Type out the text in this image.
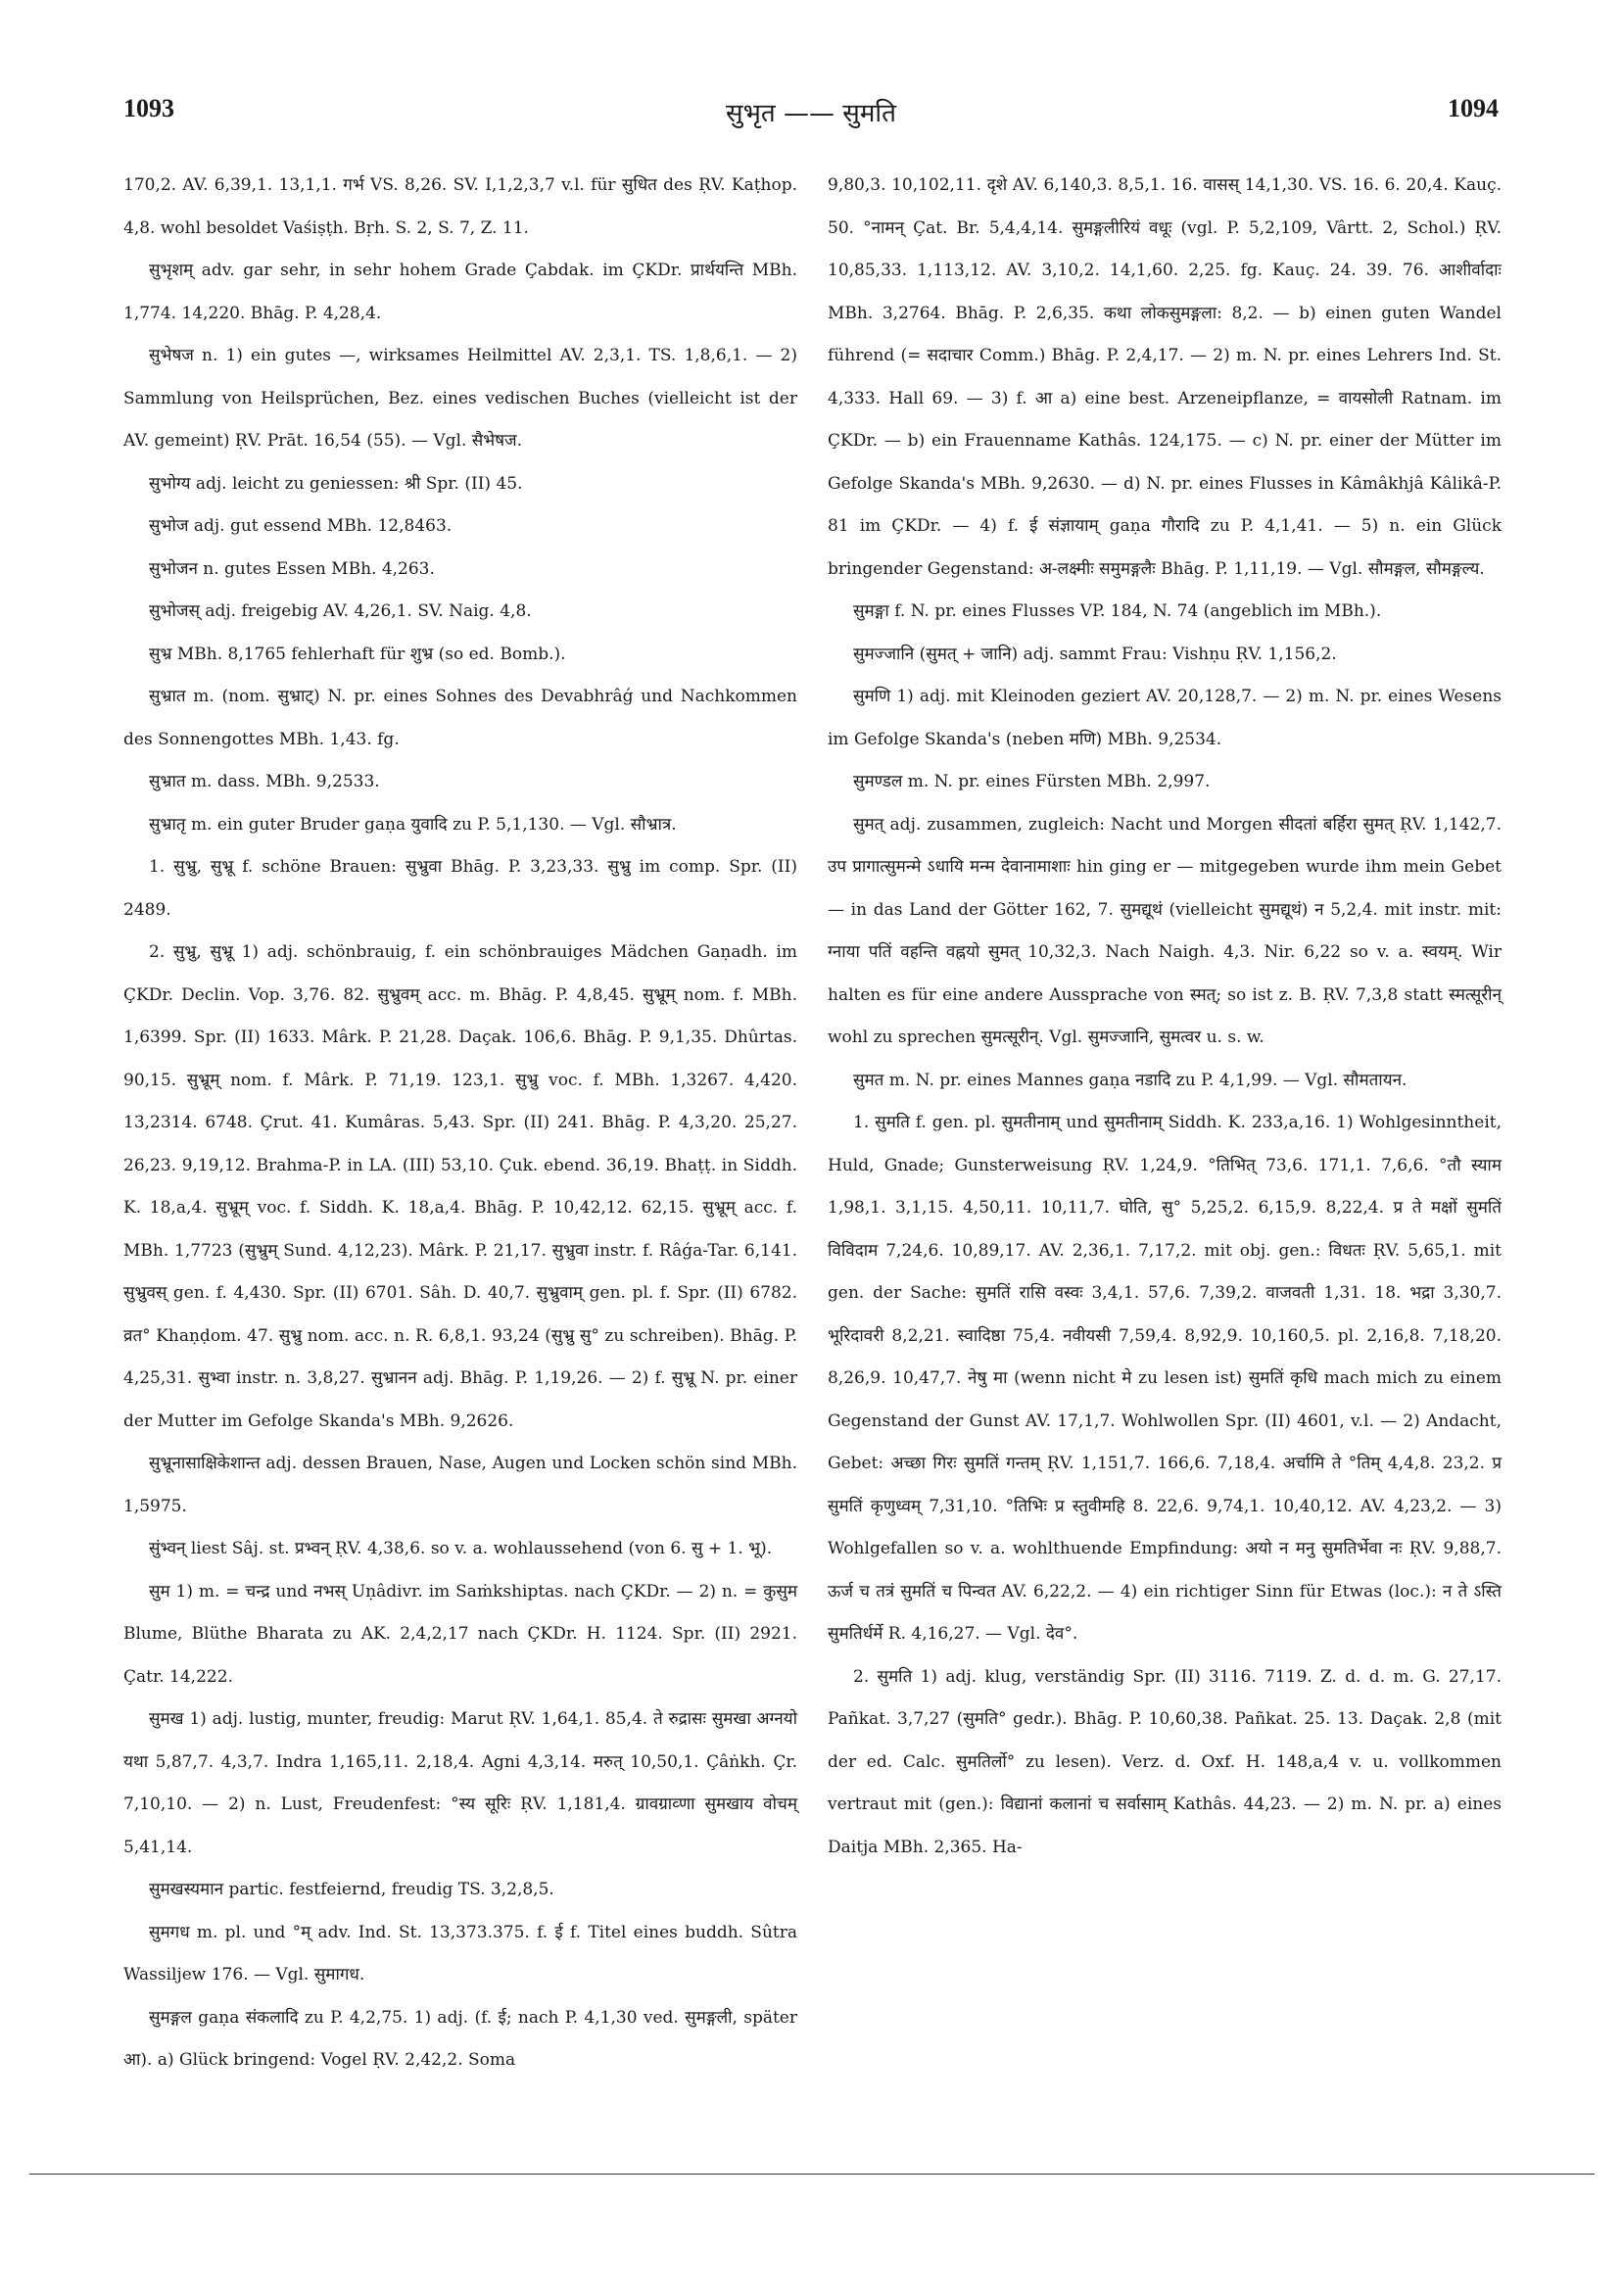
1093	सुभृत —— सुमति	1094

170,2. AV. 6,39,1. 13,1,1. गर्भ VS. 8,26. SV. I,1,2,3,7 v.l. für सुधित des ṚV. Kaṭhop. 4,8. wohl besoldet Vaśiṣṭh. Bṛh. S. 2, S. 7, Z. 11.

सुभृशम् adv. gar sehr, in sehr hohem Grade Çabdak. im ÇKDr. प्रार्थयन्ति MBh. 1,774. 14,220. Bhāg. P. 4,28,4.

सुभेषज n. 1) ein gutes —, wirksames Heilmittel AV. 2,3,1. TS. 1,8,6,1. — 2) Sammlung von Heilsprüchen, Bez. eines vedischen Buches (vielleicht ist der AV. gemeint) ṚV. Prāt. 16,54 (55). — Vgl. सैभेषज.

सुभोग्य adj. leicht zu geniessen: श्री Spr. (II) 45.

सुभोज adj. gut essend MBh. 12,8463.

सुभोजन n. gutes Essen MBh. 4,263.

सुभोजस् adj. freigebig AV. 4,26,1. SV. Naig. 4,8.

सुभ्र MBh. 8,1765 fehlerhaft für शुभ्र (so ed. Bomb.).

सुभ्रात m. (nom. सुभ्राट्) N. pr. eines Sohnes des Devabhrâǵ und Nachkommen des Sonnengottes MBh. 1,43. fg.

सुभ्रात m. dass. MBh. 9,2533.

सुभ्रातृ m. ein guter Bruder gaṇa युवादि zu P. 5,1,130. — Vgl. सौभ्रात्र.

1. सुभ्रु, सुभ्रू f. schöne Brauen: सुभ्रुवा Bhāg. P. 3,23,33. सुभ्रु im comp. Spr. (II) 2489.

2. सुभ्रु, सुभ्रू 1) adj. schönbrauig, f. ein schönbrauiges Mädchen Gaṇadh. im ÇKDr. Declin. Vop. 3,76. 82. सुभ्रुवम् acc. m. Bhāg. P. 4,8,45. सुभ्रूम् nom. f. MBh. 1,6399. Spr. (II) 1633. Mârk. P. 21,28. Daçak. 106,6. Bhāg. P. 9,1,35. Dhûrtas. 90,15. सुभ्रूम् nom. f. Mârk. P. 71,19. 123,1. सुभ्रु voc. f. MBh. 1,3267. 4,420. 13,2314. 6748. Çrut. 41. Kumâras. 5,43. Spr. (II) 241. Bhāg. P. 4,3,20. 25,27. 26,23. 9,19,12. Brahma-P. in LA. (III) 53,10. Çuk. ebend. 36,19. Bhaṭṭ. in Siddh. K. 18,a,4. सुभ्रूम् voc. f. Siddh. K. 18,a,4. Bhāg. P. 10,42,12. 62,15. सुभ्रूम् acc. f. MBh. 1,7723 (सुभ्रुम् Sund. 4,12,23). Mârk. P. 21,17. सुभ्रुवा instr. f. Râǵa-Tar. 6,141. सुभ्रुवस् gen. f. 4,430. Spr. (II) 6701. Sâh. D. 40,7. सुभ्रुवाम् gen. pl. f. Spr. (II) 6782. व्रत° Khaṇḍom. 47. सुभ्रु nom. acc. n. R. 6,8,1. 93,24 (सुभ्रु सु° zu schreiben). Bhāg. P. 4,25,31. सुभ्वा instr. n. 3,8,27. सुभ्रानन adj. Bhāg. P. 1,19,26. — 2) f. सुभ्रू N. pr. einer der Mutter im Gefolge Skanda's MBh. 9,2626.

सुभ्रूनासाक्षिकेशान्त adj. dessen Brauen, Nase, Augen und Locken schön sind MBh. 1,5975.

सुंभ्वन् liest Sâj. st. प्रभ्वन् ṚV. 4,38,6. so v. a. wohlaussehend (von 6. सु + 1. भू).

सुम 1) m. = चन्द्र und नभस् Uṇâdivr. im Saṁkshiptas. nach ÇKDr. — 2) n. = कुसुम Blume, Blüthe Bharata zu AK. 2,4,2,17 nach ÇKDr. H. 1124. Spr. (II) 2921. Çatr. 14,222.

सुमख 1) adj. lustig, munter, freudig: Marut ṚV. 1,64,1. 85,4. ते रुद्रासः सुमखा अग्नयो यथा 5,87,7. 4,3,7. Indra 1,165,11. 2,18,4. Agni 4,3,14. मरुत् 10,50,1. Çâṅkh. Çr. 7,10,10. — 2) n. Lust, Freudenfest: °स्य सूरिः ṚV. 1,181,4. ग्रावग्राव्णा सुमखाय वोचम् 5,41,14.

सुमखस्यमान partic. festfeiernd, freudig TS. 3,2,8,5.

सुमगध m. pl. und °म् adv. Ind. St. 13,373.375. f. ई f. Titel eines buddh. Sûtra Wassiljew 176. — Vgl. सुमागध.

सुमङ्गल gaṇa संकलादि zu P. 4,2,75. 1) adj. (f. ई; nach P. 4,1,30 ved. सुमङ्गली, später आ). a) Glück bringend: Vogel ṚV. 2,42,2. Soma

9,80,3. 10,102,11. दृशे AV. 6,140,3. 8,5,1. 16. वासस् 14,1,30. VS. 16. 6. 20,4. Kauç. 50. °नामन् Çat. Br. 5,4,4,14. सुमङ्गलीरियं वधूः (vgl. P. 5,2,109, Vârtt. 2, Schol.) ṚV. 10,85,33. 1,113,12. AV. 3,10,2. 14,1,60. 2,25. fg. Kauç. 24. 39. 76. आशीर्वादाः MBh. 3,2764. Bhāg. P. 2,6,35. कथा लोकसुमङ्गला: 8,2. — b) einen guten Wandel führend (= सदाचार Comm.) Bhāg. P. 2,4,17. — 2) m. N. pr. eines Lehrers Ind. St. 4,333. Hall 69. — 3) f. आ a) eine best. Arzeneipflanze, = वायसोली Ratnam. im ÇKDr. — b) ein Frauenname Kathâs. 124,175. — c) N. pr. einer der Mütter im Gefolge Skanda's MBh. 9,2630. — d) N. pr. eines Flusses in Kâmâkhjâ Kâlikâ-P. 81 im ÇKDr. — 4) f. ई संज्ञायाम् gaṇa गौरादि zu P. 4,1,41. — 5) n. ein Glück bringender Gegenstand: अ-लक्ष्मीः समुमङ्गलैः Bhāg. P. 1,11,19. — Vgl. सौमङ्गल, सौमङ्गल्य.

सुमङ्गा f. N. pr. eines Flusses VP. 184, N. 74 (angeblich im MBh.).

सुमज्जानि (सुमत् + जानि) adj. sammt Frau: Vishṇu ṚV. 1,156,2.

सुमणि 1) adj. mit Kleinoden geziert AV. 20,128,7. — 2) m. N. pr. eines Wesens im Gefolge Skanda's (neben मणि) MBh. 9,2534.

सुमण्डल m. N. pr. eines Fürsten MBh. 2,997.

सुमत् adj. zusammen, zugleich: Nacht und Morgen सीदतां बर्हिरा सुमत् ṚV. 1,142,7. उप प्रागात्सुमन्मे ऽधायि मन्म देवानामाशाः hin ging er — mitgegeben wurde ihm mein Gebet — in das Land der Götter 162, 7. सुमद्यूथं (vielleicht सुमद्यूथं) न 5,2,4. mit instr. mit: ग्नाया पतिं वहन्ति वह्नयो सुमत् 10,32,3. Nach Naigh. 4,3. Nir. 6,22 so v. a. स्वयम्. Wir halten es für eine andere Aussprache von स्मत्; so ist z. B. ṚV. 7,3,8 statt स्मत्सूरीन् wohl zu sprechen सुमत्सूरीन्. Vgl. सुमज्जानि, सुमत्वर u. s. w.

सुमत m. N. pr. eines Mannes gaṇa नडादि zu P. 4,1,99. — Vgl. सौमतायन.

1. सुमति f. gen. pl. सुमतीनाम् und सुमतीनाम् Siddh. K. 233,a,16. 1) Wohlgesinntheit, Huld, Gnade; Gunsterweisung ṚV. 1,24,9. °तिभित् 73,6. 171,1. 7,6,6. °तौ स्याम 1,98,1. 3,1,15. 4,50,11. 10,11,7. घोति, सु° 5,25,2. 6,15,9. 8,22,4. प्र ते मक्षों सुमतिं विविदाम 7,24,6. 10,89,17. AV. 2,36,1. 7,17,2. mit obj. gen.: विधतः ṚV. 5,65,1. mit gen. der Sache: सुमतिं रासि वस्वः 3,4,1. 57,6. 7,39,2. वाजवती 1,31. 18. भद्रा 3,30,7. भूरिदावरी 8,2,21. स्वादिष्ठा 75,4. नवीयसी 7,59,4. 8,92,9. 10,160,5. pl. 2,16,8. 7,18,20. 8,26,9. 10,47,7. नेषु मा (wenn nicht मे zu lesen ist) सुमतिं कृधि mach mich zu einem Gegenstand der Gunst AV. 17,1,7. Wohlwollen Spr. (II) 4601, v.l. — 2) Andacht, Gebet: अच्छा गिरः सुमतिं गन्तम् ṚV. 1,151,7. 166,6. 7,18,4. अर्चामि ते °तिम् 4,4,8. 23,2. प्र सुमतिं कृणुध्वम् 7,31,10. °तिभिः प्र स्तुवीमहि 8. 22,6. 9,74,1. 10,40,12. AV. 4,23,2. — 3) Wohlgefallen so v. a. wohlthuende Empfindung: अयो न मनु सुमतिर्भेवा नः ṚV. 9,88,7. ऊर्ज च तत्रं सुमतिं च पिन्वत AV. 6,22,2. — 4) ein richtiger Sinn für Etwas (loc.): न ते ऽस्ति सुमतिर्धर्मे R. 4,16,27. — Vgl. देव°.

2. सुमति 1) adj. klug, verständig Spr. (II) 3116. 7119. Z. d. d. m. G. 27,17. Pañkat. 3,7,27 (सुमति° gedr.). Bhāg. P. 10,60,38. Pañkat. 25. 13. Daçak. 2,8 (mit der ed. Calc. सुमतिर्लो° zu lesen). Verz. d. Oxf. H. 148,a,4 v. u. vollkommen vertraut mit (gen.): विद्यानां कलानां च सर्वासाम् Kathâs. 44,23. — 2) m. N. pr. a) eines Daitja MBh. 2,365. Ha-
